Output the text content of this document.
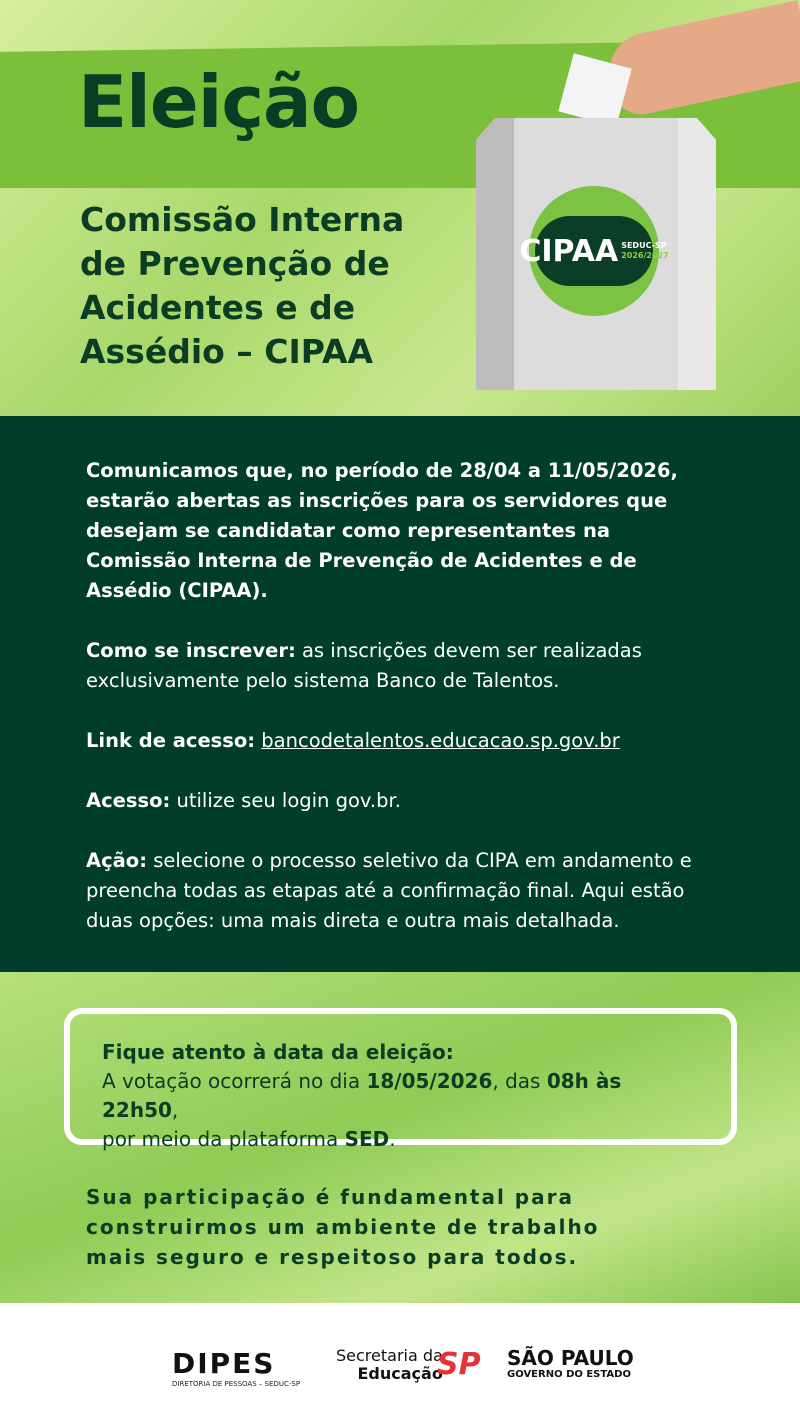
Eleição
Comissão Interna
de Prevenção de
Acidentes e de
Assédio – CIPAA
CIPAA SEDUC-SP
2026/2027

Comunicamos que, no período de 28/04 a 11/05/2026, estarão abertas as inscrições para os servidores que desejam se candidatar como representantes na Comissão Interna de Prevenção de Acidentes e de Assédio (CIPAA).

Como se inscrever: as inscrições devem ser realizadas exclusivamente pelo sistema Banco de Talentos.

Link de acesso: bancodetalentos.educacao.sp.gov.br

Acesso: utilize seu login gov.br.

Ação: selecione o processo seletivo da CIPA em andamento e preencha todas as etapas até a confirmação final. Aqui estão duas opções: uma mais direta e outra mais detalhada.

Fique atento à data da eleição:
A votação ocorrerá no dia 18/05/2026, das 08h às 22h50,
por meio da plataforma SED.
Sua participação é fundamental para
construirmos um ambiente de trabalho
mais seguro e respeitoso para todos.
DIPES
DIRETORIA DE PESSOAS – SEDUC-SP
Secretaria da
Educação
SP SÃO PAULO
GOVERNO DO ESTADO
